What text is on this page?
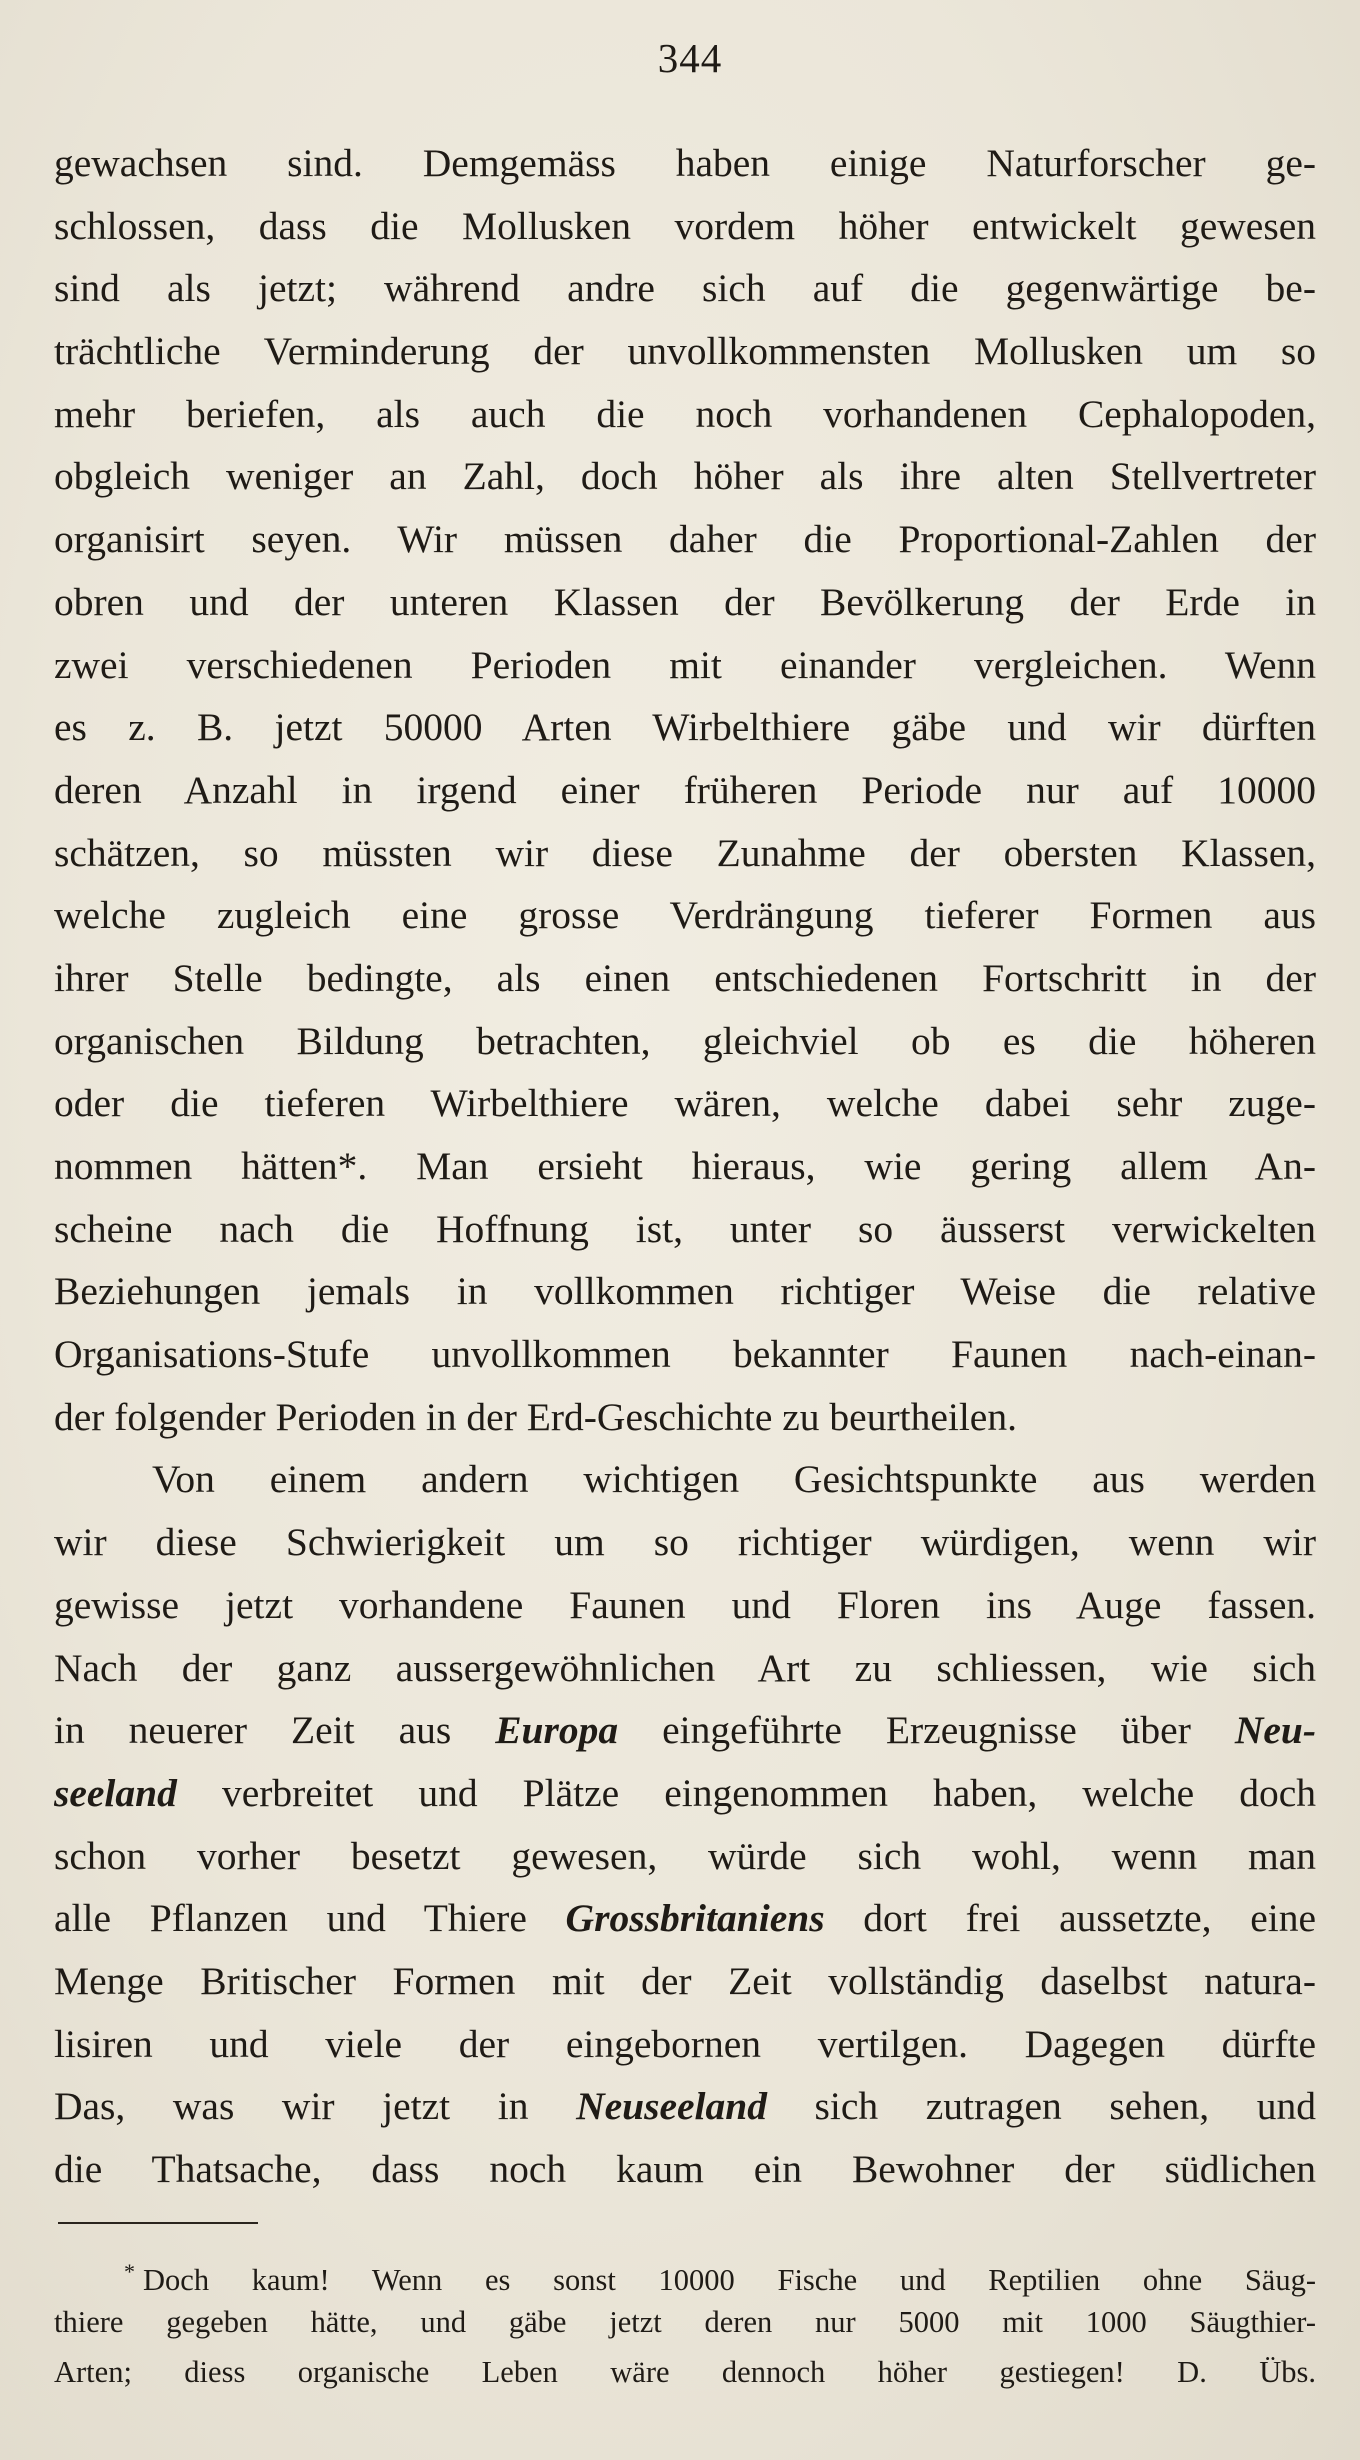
344
gewachsen sind. Demgemäss haben einige Naturforscher ge-
schlossen, dass die Mollusken vordem höher entwickelt gewesen
sind als jetzt; während andre sich auf die gegenwärtige be-
trächtliche Verminderung der unvollkommensten Mollusken um so
mehr beriefen, als auch die noch vorhandenen Cephalopoden,
obgleich weniger an Zahl, doch höher als ihre alten Stellvertreter
organisirt seyen. Wir müssen daher die Proportional-Zahlen der
obren und der unteren Klassen der Bevölkerung der Erde in
zwei verschiedenen Perioden mit einander vergleichen. Wenn
es z. B. jetzt 50000 Arten Wirbelthiere gäbe und wir dürften
deren Anzahl in irgend einer früheren Periode nur auf 10000
schätzen, so müssten wir diese Zunahme der obersten Klassen,
welche zugleich eine grosse Verdrängung tieferer Formen aus
ihrer Stelle bedingte, als einen entschiedenen Fortschritt in der
organischen Bildung betrachten, gleichviel ob es die höheren
oder die tieferen Wirbelthiere wären, welche dabei sehr zuge-
nommen hätten*. Man ersieht hieraus, wie gering allem An-
scheine nach die Hoffnung ist, unter so äusserst verwickelten
Beziehungen jemals in vollkommen richtiger Weise die relative
Organisations-Stufe unvollkommen bekannter Faunen nach-einan-
der folgender Perioden in der Erd-Geschichte zu beurtheilen.
Von einem andern wichtigen Gesichtspunkte aus werden
wir diese Schwierigkeit um so richtiger würdigen, wenn wir
gewisse jetzt vorhandene Faunen und Floren ins Auge fassen.
Nach der ganz aussergewöhnlichen Art zu schliessen, wie sich
in neuerer Zeit aus Europa eingeführte Erzeugnisse über Neu-
seeland verbreitet und Plätze eingenommen haben, welche doch
schon vorher besetzt gewesen, würde sich wohl, wenn man
alle Pflanzen und Thiere Grossbritaniens dort frei aussetzte, eine
Menge Britischer Formen mit der Zeit vollständig daselbst natura-
lisiren und viele der eingebornen vertilgen. Dagegen dürfte
Das, was wir jetzt in Neuseeland sich zutragen sehen, und
die Thatsache, dass noch kaum ein Bewohner der südlichen
* Doch kaum! Wenn es sonst 10000 Fische und Reptilien ohne Säug-
thiere gegeben hätte, und gäbe jetzt deren nur 5000 mit 1000 Säugthier-
Arten; diess organische Leben wäre dennoch höher gestiegen! D. Übs.
